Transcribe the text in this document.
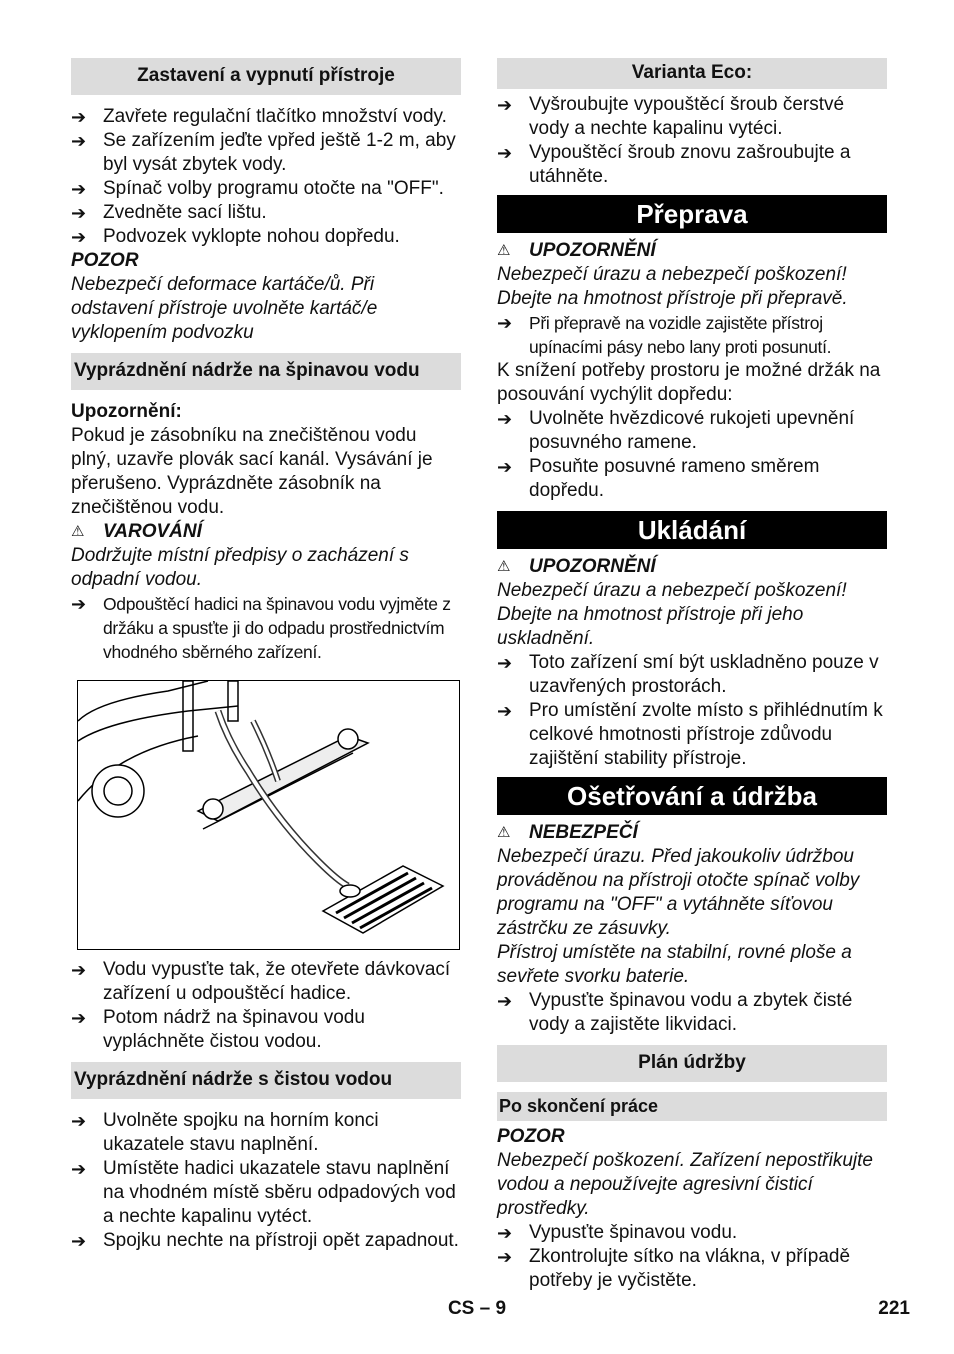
Zastavení a vypnutí přístroje
➔ Zavřete regulační tlačítko množství vody.
➔ Se zařízením jeďte vpřed ještě 1-2 m, aby byl vysát zbytek vody.
➔ Spínač volby programu otočte na "OFF".
➔ Zvedněte sací lištu.
➔ Podvozek vyklopte nohou dopředu.

POZOR

Nebezpečí deformace kartáče/ů. Při odstavení přístroje uvolněte kartáč/e vyklopením podvozku

Vyprázdnění nádrže na špinavou vodu

Upozornění:

Pokud je zásobníku na znečištěnou vodu plný, uzavře plovák sací kanál. Vysávání je přerušeno. Vyprázdněte zásobník na znečištěnou vodu.

⚠ VAROVÁNÍ

Dodržujte místní předpisy o zacházení s odpadní vodou.

➔ Odpouštěcí hadici na špinavou vodu vyjměte z držáku a spusťte ji do odpadu prostřednictvím vhodného sběrného zařízení.
➔ Vodu vypusťte tak, že otevřete dávkovací zařízení u odpouštěcí hadice.
➔ Potom nádrž na špinavou vodu vypláchněte čistou vodou.
Vyprázdnění nádrže s čistou vodou
➔ Uvolněte spojku na horním konci ukazatele stavu naplnění.
➔ Umístěte hadici ukazatele stavu naplnění na vhodném místě sběru odpadových vod a nechte kapalinu vytéct.
➔ Spojku nechte na přístroji opět zapadnout.
Varianta Eco:
➔ Vyšroubujte vypouštěcí šroub čerstvé vody a nechte kapalinu vytéci.
➔ Vypouštěcí šroub znovu zašroubujte a utáhněte.
Přeprava
⚠ UPOZORNĚNÍ

Nebezpečí úrazu a nebezpečí poškození! Dbejte na hmotnost přístroje při přepravě.

➔ Při přepravě na vozidle zajistěte přístroj upínacími pásy nebo lany proti posunutí.

K snížení potřeby prostoru je možné držák na posouvání vychýlit dopředu:

➔ Uvolněte hvězdicové rukojeti upevnění posuvného ramene.
➔ Posuňte posuvné rameno směrem dopředu.
Ukládání
⚠ UPOZORNĚNÍ

Nebezpečí úrazu a nebezpečí poškození! Dbejte na hmotnost přístroje při jeho uskladnění.

➔ Toto zařízení smí být uskladněno pouze v uzavřených prostorách.
➔ Pro umístění zvolte místo s přihlédnutím k celkové hmotnosti přístroje zdůvodu zajištění stability přístroje.
Ošetřování a údržba
⚠ NEBEZPEČÍ

Nebezpečí úrazu. Před jakoukoliv údržbou prováděnou na přístroji otočte spínač volby programu na "OFF" a vytáhněte síťovou zástrčku ze zásuvky.

Přístroj umístěte na stabilní, rovné ploše a sevřete svorku baterie.

➔ Vypusťte špinavou vodu a zbytek čisté vody a zajistěte likvidaci.
Plán údržby
Po skončení práce

POZOR

Nebezpečí poškození. Zařízení nepostřikujte vodou a nepoužívejte agresivní čisticí prostředky.

➔ Vypusťte špinavou vodu.
➔ Zkontrolujte sítko na vlákna, v případě potřeby je vyčistěte.
CS – 9	221
